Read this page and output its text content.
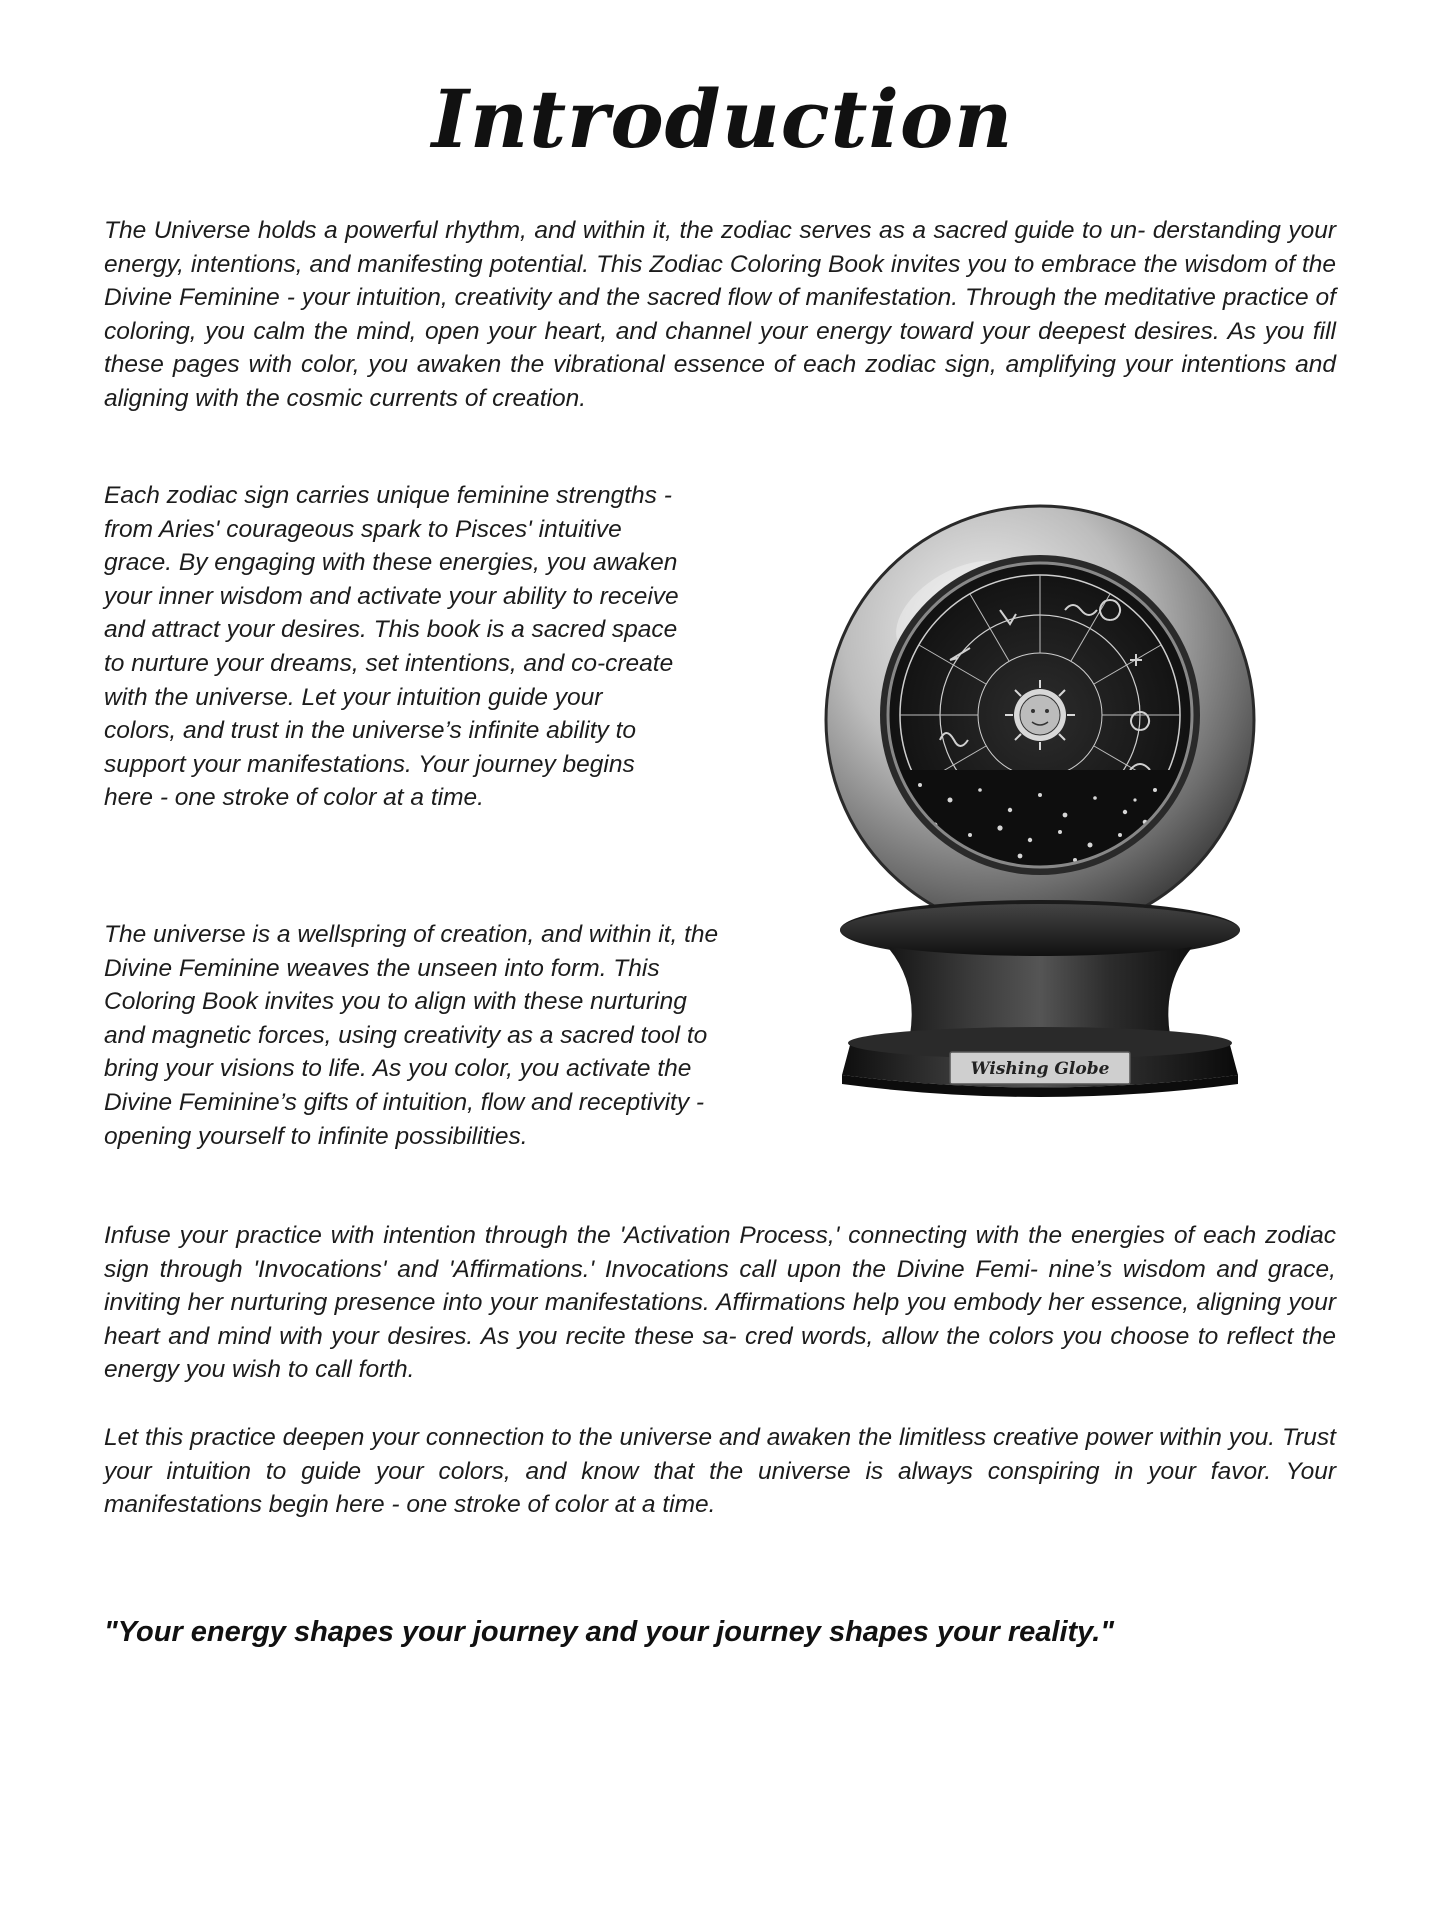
Introduction

The Universe holds a powerful rhythm, and within it, the zodiac serves as a sacred guide to un- derstanding your energy, intentions, and manifesting potential. This Zodiac Coloring Book invites you to embrace the wisdom of the Divine Feminine - your intuition, creativity and the sacred flow of manifestation. Through the meditative practice of coloring, you calm the mind, open your heart, and channel your energy toward your deepest desires. As you fill these pages with color, you awaken the vibrational essence of each zodiac sign, amplifying your intentions and aligning with the cosmic currents of creation.

Each zodiac sign carries unique feminine strengths - from Aries' courageous spark to Pisces' intuitive grace. By engaging with these energies, you awaken your inner wisdom and activate your ability to receive and attract your desires. This book is a sacred space to nurture your dreams, set intentions, and co-create with the universe. Let your intuition guide your colors, and trust in the universe’s infinite ability to support your manifestations. Your journey begins here - one stroke of color at a time.

The universe is a wellspring of creation, and within it, the Divine Feminine weaves the unseen into form. This Coloring Book invites you to align with these nurturing and magnetic forces, using creativity as a sacred tool to bring your visions to life. As you color, you activate the Divine Feminine’s gifts of intuition, flow and receptivity - opening yourself to infinite possibilities.

Infuse your practice with intention through the 'Activation Process,' connecting with the energies of each zodiac sign through 'Invocations' and 'Affirmations.' Invocations call upon the Divine Femi- nine’s wisdom and grace, inviting her nurturing presence into your manifestations. Affirmations help you embody her essence, aligning your heart and mind with your desires. As you recite these sa- cred words, allow the colors you choose to reflect the energy you wish to call forth.

Let this practice deepen your connection to the universe and awaken the limitless creative power within you. Trust your intuition to guide your colors, and know that the universe is always conspiring in your favor. Your manifestations begin here - one stroke of color at a time.

"Your energy shapes your journey and your journey shapes your reality."

Wishing Globe
